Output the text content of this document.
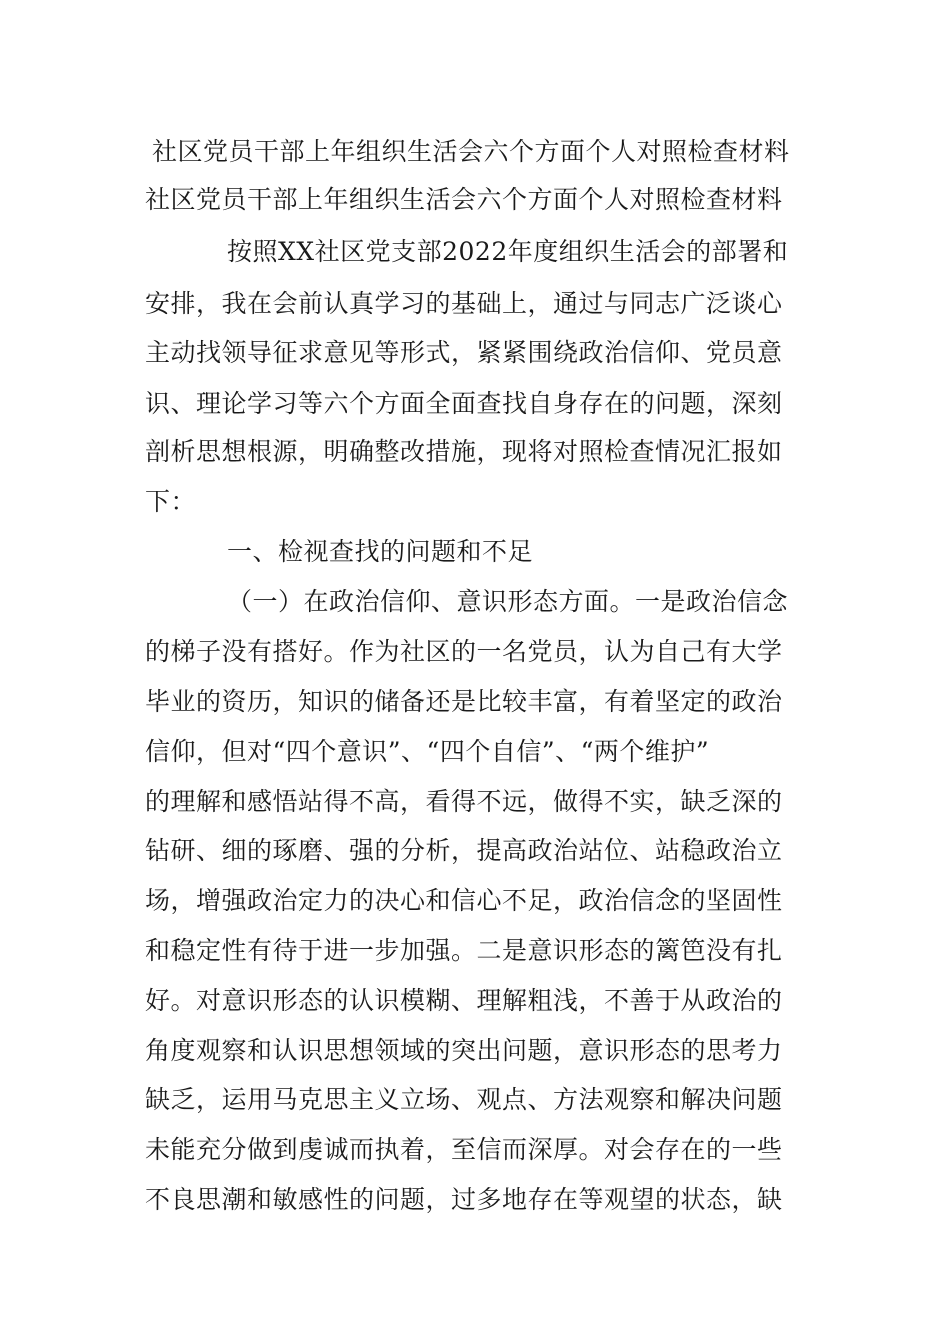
社区党员干部上年组织生活会六个方面个人对照检查材料
社区党员干部上年组织生活会六个方面个人对照检查材料
按照XX社区党支部2022年度组织生活会的部署和
安排，我在会前认真学习的基础上，通过与同志广泛谈心
主动找领导征求意见等形式，紧紧围绕政治信仰、党员意
识、理论学习等六个方面全面查找自身存在的问题，深刻
剖析思想根源，明确整改措施，现将对照检查情况汇报如
下：
一、检视查找的问题和不足
（一）在政治信仰、意识形态方面。一是政治信念
的梯子没有搭好。作为社区的一名党员，认为自己有大学
毕业的资历，知识的储备还是比较丰富，有着坚定的政治
信仰，但对“四个意识”、“四个自信”、“两个维护”
的理解和感悟站得不高，看得不远，做得不实，缺乏深的
钻研、细的琢磨、强的分析，提高政治站位、站稳政治立
场，增强政治定力的决心和信心不足，政治信念的坚固性
和稳定性有待于进一步加强。二是意识形态的篱笆没有扎
好。对意识形态的认识模糊、理解粗浅，不善于从政治的
角度观察和认识思想领域的突出问题，意识形态的思考力
缺乏，运用马克思主义立场、观点、方法观察和解决问题
未能充分做到虔诚而执着，至信而深厚。对会存在的一些
不良思潮和敏感性的问题，过多地存在等观望的状态，缺
